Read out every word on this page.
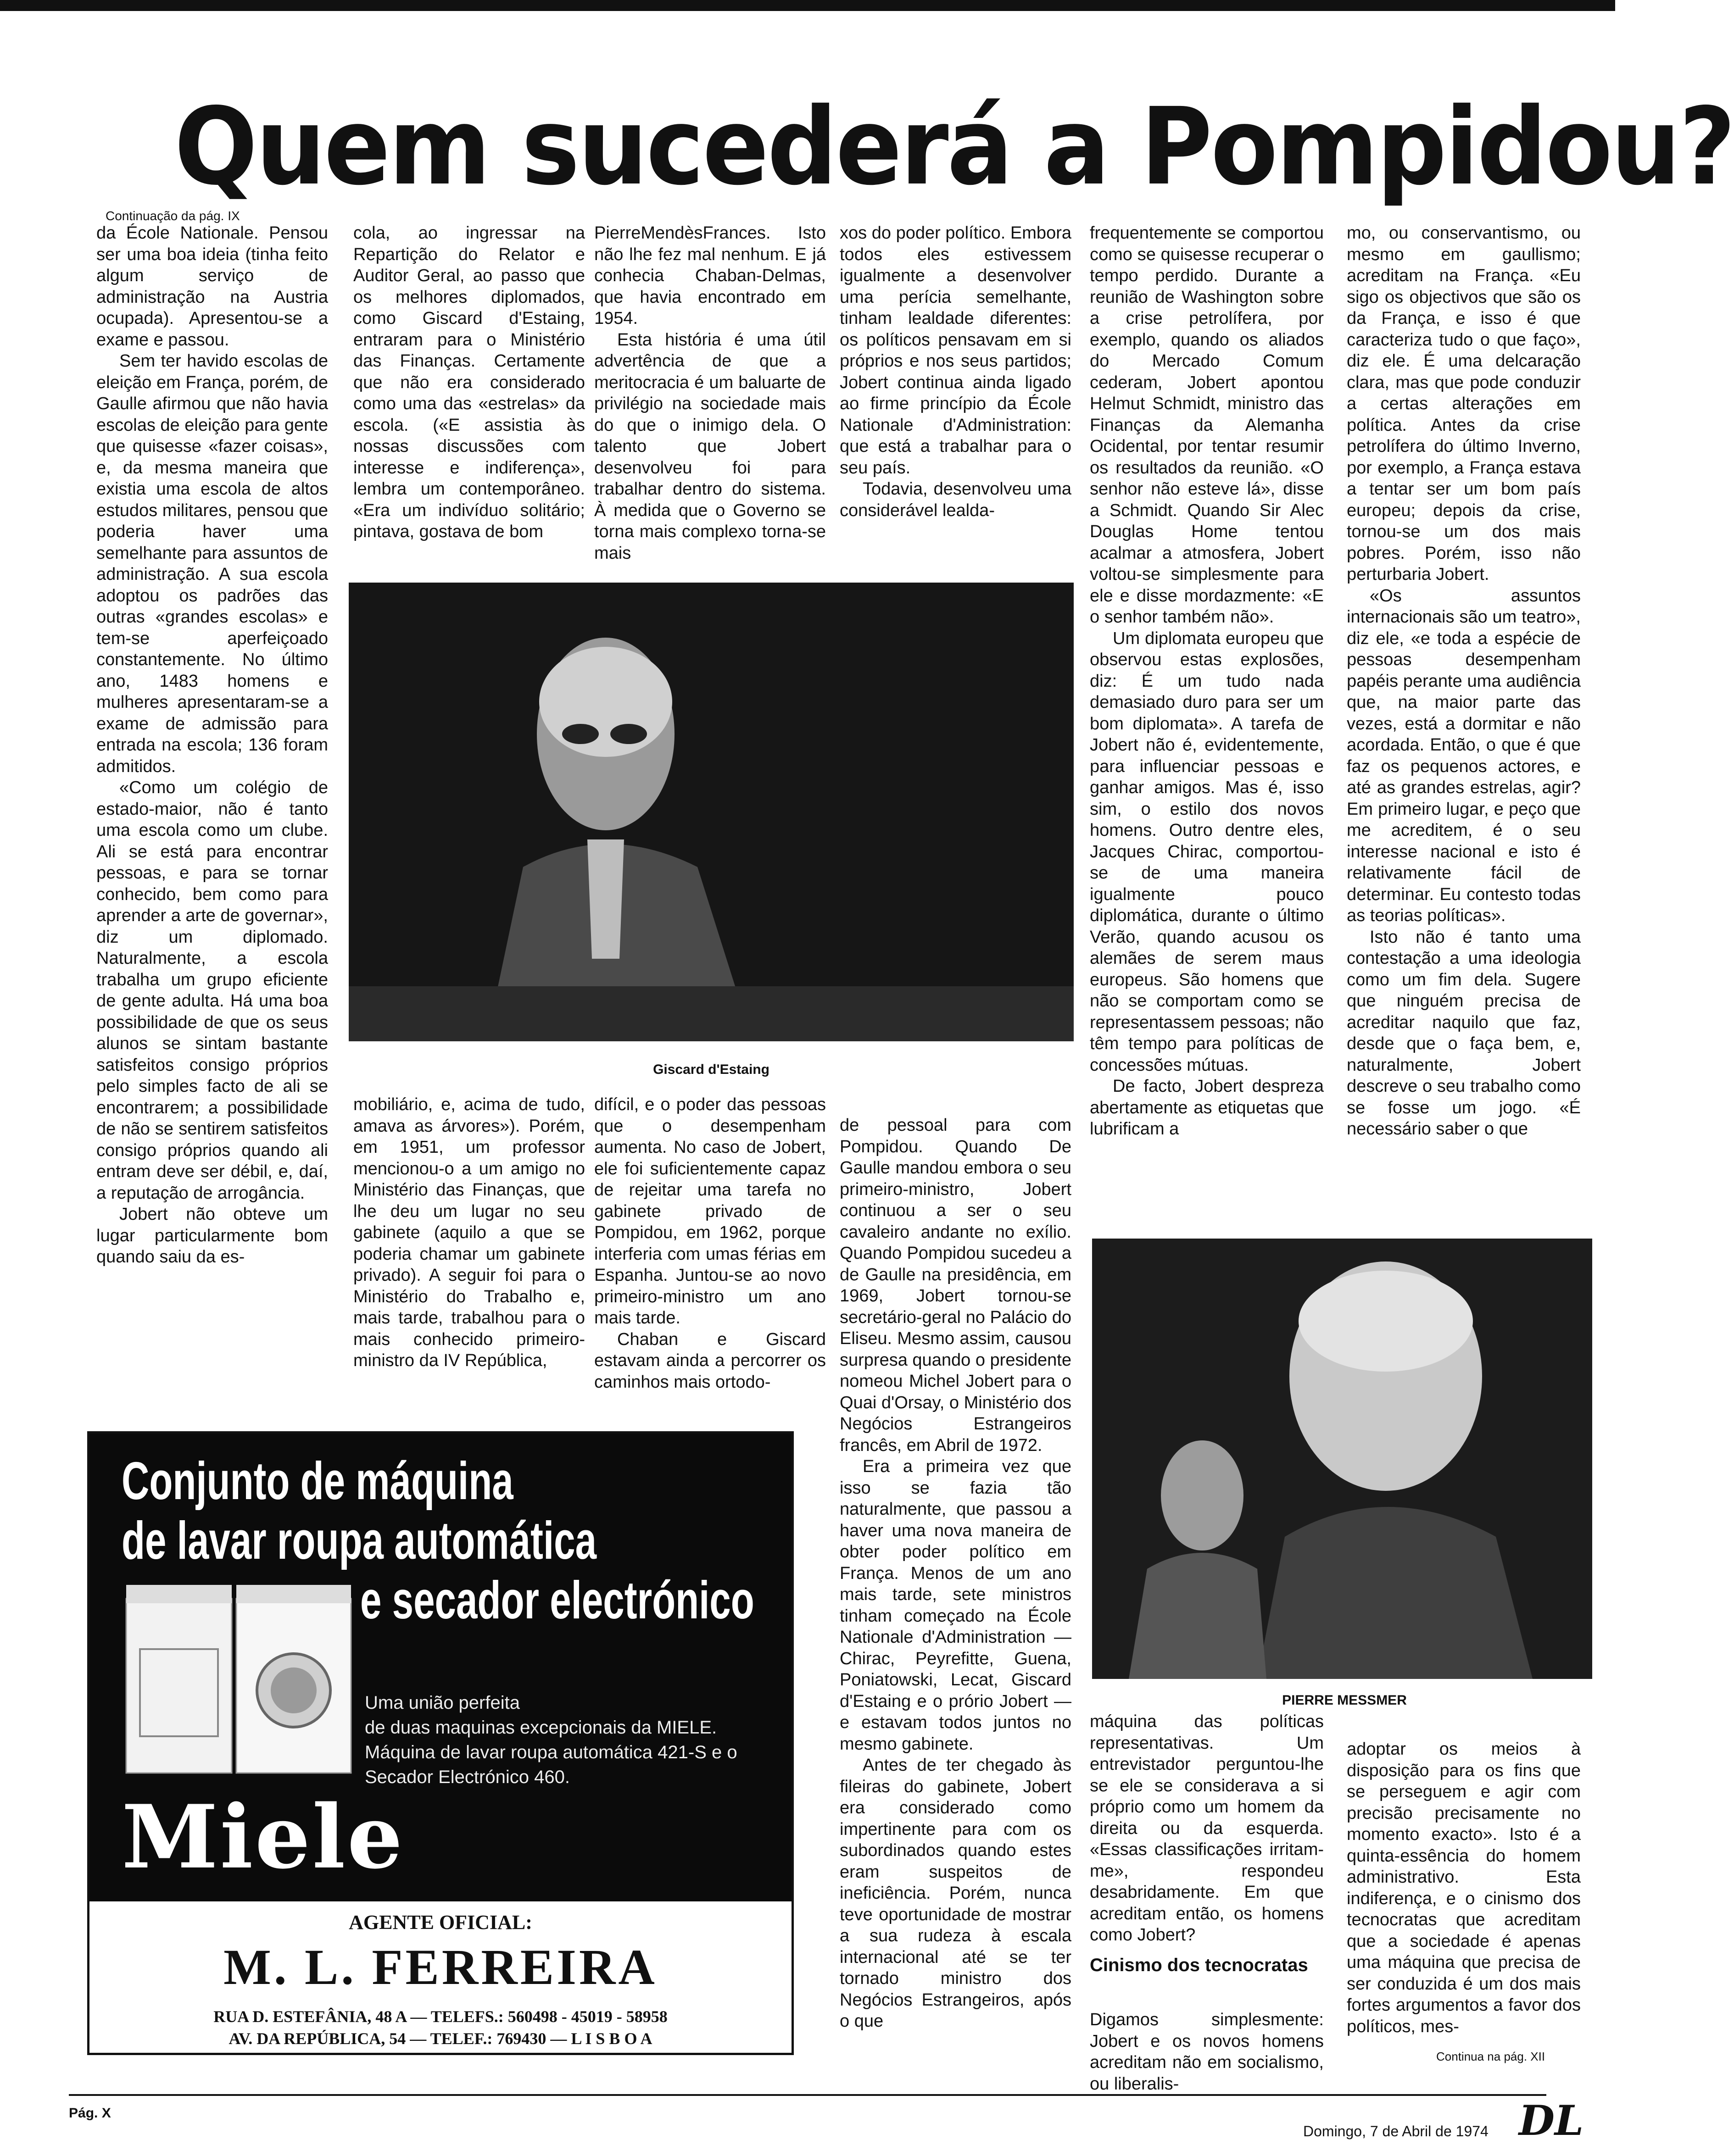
Quem sucederá a Pompidou?
Continuação da pág. IX

da École Nationale. Pensou ser uma boa ideia (tinha feito algum serviço de administração na Austria ocupada). Apresentou-se a exame e passou.

Sem ter havido escolas de eleição em França, porém, de Gaulle afirmou que não havia escolas de eleição para gente que quisesse «fazer coisas», e, da mesma maneira que existia uma escola de altos estudos militares, pensou que poderia haver uma semelhante para assuntos de administração. A sua escola adoptou os padrões das outras «grandes escolas» e tem-se aperfeiçoado constantemente. No último ano, 1483 homens e mulheres apresentaram-se a exame de admissão para entrada na escola; 136 foram admitidos.

«Como um colégio de estado-maior, não é tanto uma escola como um clube. Ali se está para encontrar pessoas, e para se tornar conhecido, bem como para aprender a arte de governar», diz um diplomado. Naturalmente, a escola trabalha um grupo eficiente de gente adulta. Há uma boa possibilidade de que os seus alunos se sintam bastante satisfeitos consigo próprios pelo simples facto de ali se encontrarem; a possibilidade de não se sentirem satisfeitos consigo próprios quando ali entram deve ser débil, e, daí, a reputação de arrogância.

Jobert não obteve um lugar particularmente bom quando saiu da es-

cola, ao ingressar na Repartição do Relator e Auditor Geral, ao passo que os melhores diplomados, como Giscard d'Estaing, entraram para o Ministério das Finanças. Certamente que não era considerado como uma das «estrelas» da escola. («E assistia às nossas discussões com interesse e indiferença», lembra um contemporâneo. «Era um indivíduo solitário; pintava, gostava de bom

PierreMendèsFrances. Isto não lhe fez mal nenhum. E já conhecia Chaban-Delmas, que havia encontrado em 1954.

Esta história é uma útil advertência de que a meritocracia é um baluarte de privilégio na sociedade mais do que o inimigo dela. O talento que Jobert desenvolveu foi para trabalhar dentro do sistema. À medida que o Governo se torna mais complexo torna-se mais

xos do poder político. Embora todos eles estivessem igualmente a desenvolver uma perícia semelhante, tinham lealdade diferentes: os políticos pensavam em si próprios e nos seus partidos; Jobert continua ainda ligado ao firme princípio da École Nationale d'Administration: que está a trabalhar para o seu país.

Todavia, desenvolveu uma considerável lealda-

frequentemente se comportou como se quisesse recuperar o tempo perdido. Durante a reunião de Washington sobre a crise petrolífera, por exemplo, quando os aliados do Mercado Comum cederam, Jobert apontou Helmut Schmidt, ministro das Finanças da Alemanha Ocidental, por tentar resumir os resultados da reunião. «O senhor não esteve lá», disse a Schmidt. Quando Sir Alec Douglas Home tentou acalmar a atmosfera, Jobert voltou-se simplesmente para ele e disse mordazmente: «E o senhor também não».

Um diplomata europeu que observou estas explosões, diz: É um tudo nada demasiado duro para ser um bom diplomata». A tarefa de Jobert não é, evidentemente, para influenciar pessoas e ganhar amigos. Mas é, isso sim, o estilo dos novos homens. Outro dentre eles, Jacques Chirac, comportou-se de uma maneira igualmente pouco diplomática, durante o último Verão, quando acusou os alemães de serem maus europeus. São homens que não se comportam como se representassem pessoas; não têm tempo para políticas de concessões mútuas.

De facto, Jobert despreza abertamente as etiquetas que lubrificam a

mo, ou conservantismo, ou mesmo em gaullismo; acreditam na França. «Eu sigo os objectivos que são os da França, e isso é que caracteriza tudo o que faço», diz ele. É uma delcaração clara, mas que pode conduzir a certas alterações em política. Antes da crise petrolífera do último Inverno, por exemplo, a França estava a tentar ser um bom país europeu; depois da crise, tornou-se um dos mais pobres. Porém, isso não perturbaria Jobert.

«Os assuntos internacionais são um teatro», diz ele, «e toda a espécie de pessoas desempenham papéis perante uma audiência que, na maior parte das vezes, está a dormitar e não acordada. Então, o que é que faz os pequenos actores, e até as grandes estrelas, agir? Em primeiro lugar, e peço que me acreditem, é o seu interesse nacional e isto é relativamente fácil de determinar. Eu contesto todas as teorias políticas».

Isto não é tanto uma contestação a uma ideologia como um fim dela. Sugere que ninguém precisa de acreditar naquilo que faz, desde que o faça bem, e, naturalmente, Jobert descreve o seu trabalho como se fosse um jogo. «É necessário saber o que

Giscard d'Estaing

mobiliário, e, acima de tudo, amava as árvores»). Porém, em 1951, um professor mencionou-o a um amigo no Ministério das Finanças, que lhe deu um lugar no seu gabinete (aquilo a que se poderia chamar um gabinete privado). A seguir foi para o Ministério do Trabalho e, mais tarde, trabalhou para o mais conhecido primeiro-ministro da IV República,

difícil, e o poder das pessoas que o desempenham aumenta. No caso de Jobert, ele foi suficientemente capaz de rejeitar uma tarefa no gabinete privado de Pompidou, em 1962, porque interferia com umas férias em Espanha. Juntou-se ao novo primeiro-ministro um ano mais tarde.

Chaban e Giscard estavam ainda a percorrer os caminhos mais ortodo-

de pessoal para com Pompidou. Quando De Gaulle mandou embora o seu primeiro-ministro, Jobert continuou a ser o seu cavaleiro andante no exílio. Quando Pompidou sucedeu a de Gaulle na presidência, em 1969, Jobert tornou-se secretário-geral no Palácio do Eliseu. Mesmo assim, causou surpresa quando o presidente nomeou Michel Jobert para o Quai d'Orsay, o Ministério dos Negócios Estrangeiros francês, em Abril de 1972.

Era a primeira vez que isso se fazia tão naturalmente, que passou a haver uma nova maneira de obter poder político em França. Menos de um ano mais tarde, sete ministros tinham começado na École Nationale d'Administration — Chirac, Peyrefitte, Guena, Poniatowski, Lecat, Giscard d'Estaing e o prório Jobert — e estavam todos juntos no mesmo gabinete.

Antes de ter chegado às fileiras do gabinete, Jobert era considerado como impertinente para com os subordinados quando estes eram suspeitos de ineficiência. Porém, nunca teve oportunidade de mostrar a sua rudeza à escala internacional até se ter tornado ministro dos Negócios Estrangeiros, após o que

PIERRE MESSMER

máquina das políticas representativas. Um entrevistador perguntou-lhe se ele se considerava a si próprio como um homem da direita ou da esquerda. «Essas classificações irritam-me», respondeu desabridamente. Em que acreditam então, os homens como Jobert?

Cinismo dos tecnocratas

Digamos simplesmente: Jobert e os novos homens acreditam não em socialismo, ou liberalis-

adoptar os meios à disposição para os fins que se perseguem e agir com precisão precisamente no momento exacto». Isto é a quinta-essência do homem administrativo. Esta indiferença, e o cinismo dos tecnocratas que acreditam que a sociedade é apenas uma máquina que precisa de ser conduzida é um dos mais fortes argumentos a favor dos políticos, mes-

Continua na pág. XII
Conjunto de máquina
de lavar roupa automática
e secador electrónico
Uma união perfeita
de duas maquinas excepcionais da MIELE.
Máquina de lavar roupa automática 421-S e o Secador Electrónico 460.
Miele
AGENTE OFICIAL:
M. L. FERREIRA
RUA D. ESTEFÂNIA, 48 A — TELEFS.: 560498 - 45019 - 58958
AV. DA REPÚBLICA, 54 — TELEF.: 769430 — L I S B O A
Pág. X
Domingo, 7 de Abril de 1974 DL
